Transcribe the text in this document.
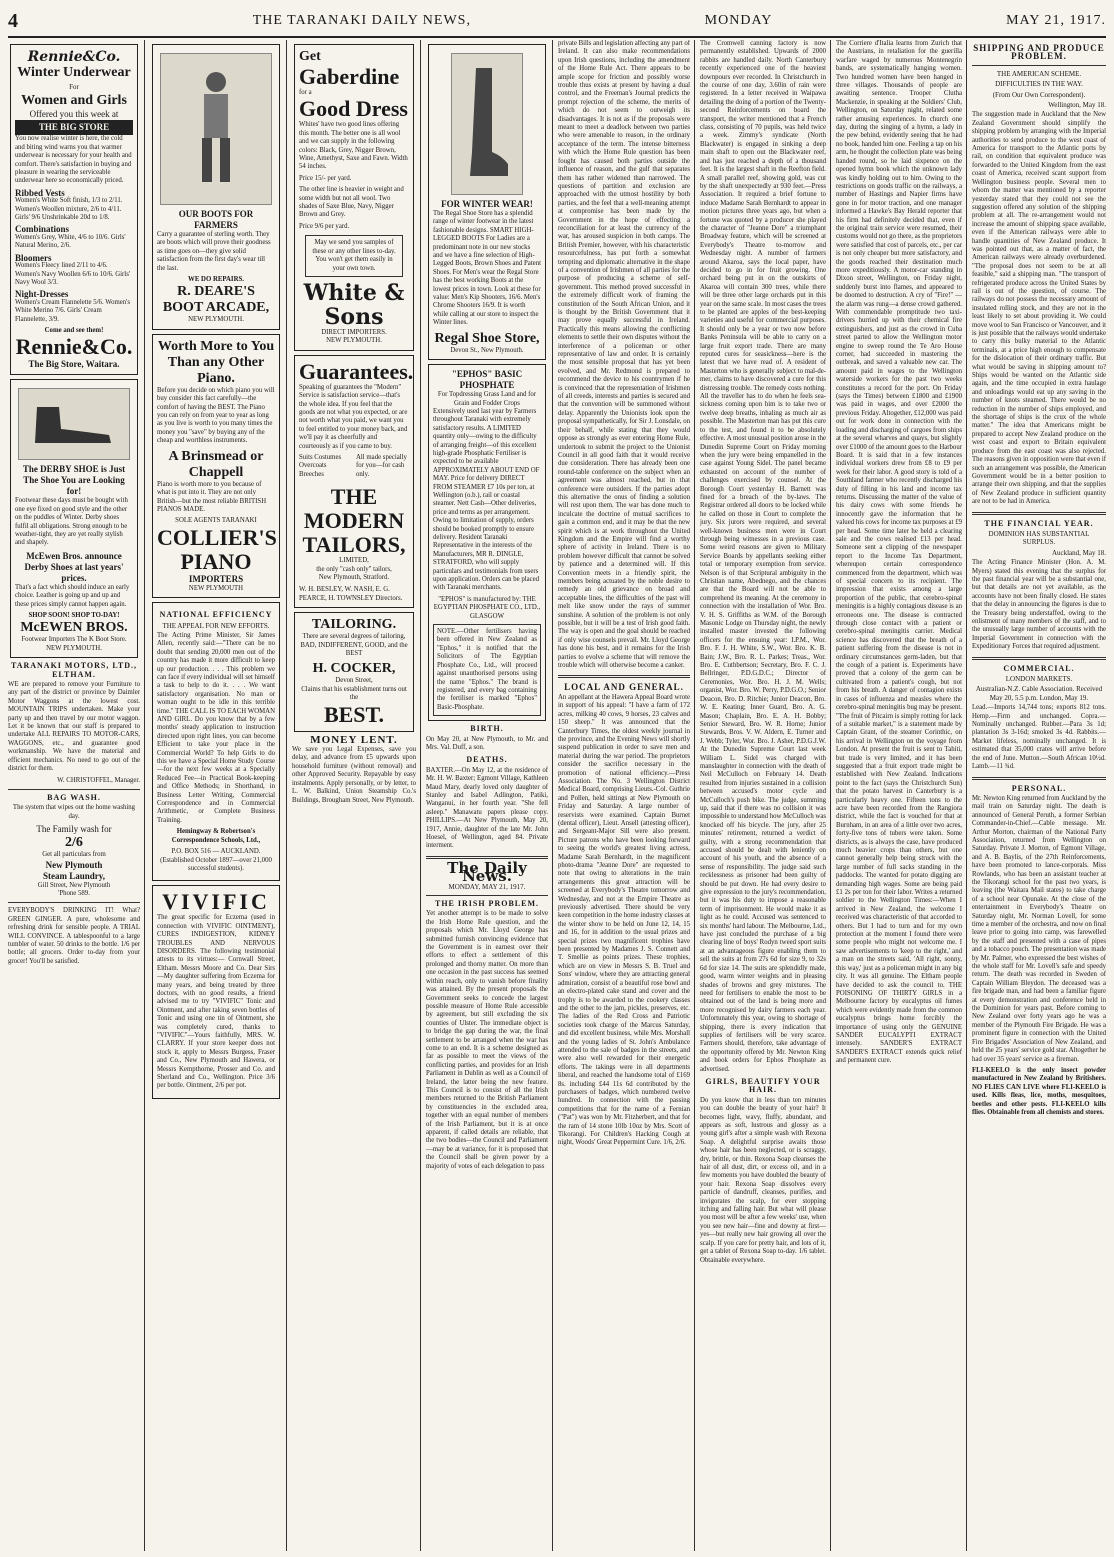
4	THE TARANAKI DAILY NEWS,	MONDAY	MAY 21, 1917.
Rennie&Co.
Winter Underwear
For
Women and Girls
Offered you this week at
THE BIG STORE

You now realise winter is here, the cold and biting wind warns you that warmer underwear is necessary for your health and comfort. There's satisfaction in buying and pleasure in wearing the serviceable underwear here so economically priced.

Ribbed Vests

Women's White Soft finish, 1/3 to 2/11. Women's Woollen mixture, 2/6 to 4/11. Girls' 9/6 Unshrinkable 20d to 1/8.

Combinations

Women's Grey, White, 4/6 to 10/6. Girls' Natural Merino, 2/6.

Bloomers

Women's Fleecy lined 2/11 to 4/6. Women's Navy Woollen 6/6 to 10/6. Girls' Navy Wool 3/3.

Night-Dresses

Women's Cream Flannelette 5/6. Women's White Merino 7/6. Girls' Cream Flannelette, 3/9.

Come and see them!
Rennie&Co.
The Big Store, Waitara.
The DERBY SHOE is Just The Shoe You are Looking for!

Footwear these days must be bought with one eye fixed on good style and the other on the puddles of Winter. Derby shoes fulfil all obligations. Strong enough to be weather-tight, they are yet really stylish and shapely.

McEwen Bros. announce Derby Shoes at last years' prices.

That's a fact which should induce an early choice. Leather is going up and up and these prices simply cannot happen again.

SHOP SOON! SHOP TO-DAY!
McEWEN BROS.
Footwear Importers The K Boot Store. NEW PLYMOUTH.
TARANAKI MOTORS, LTD., ELTHAM.

WE are prepared to remove your Furniture to any part of the district or province by Daimler Motor Waggons at the lowest cost. MOUNTAIN TRIPS undertaken. Make your party up and then travel by our motor waggon. Let it be known that our staff is prepared to undertake ALL REPAIRS TO MOTOR-CARS, WAGGONS, etc., and guarantee good workmanship. We have the material and efficient mechanics. No need to go out of the district for them.

W. CHRISTOFFEL, Manager.

BAG WASH.

The system that wipes out the home washing day.

The Family wash for
2/6
Get all particulars from
New Plymouth
Steam Laundry,
Gill Street, New Plymouth
'Phone 589.

EVERYBODY'S DRINKING IT! What? GREEN GINGER. A pure, wholesome and refreshing drink for sensible people. A TRIAL WILL CONVINCE. A tablespoonful to a large tumbler of water. 50 drinks to the bottle. 1/6 per bottle; all grocers. Order to-day from your grocer! You'll be satisfied.

OUR BOOTS FOR FARMERS

Carry a guarantee of sterling worth. They are boots which will prove their goodness as time goes on—they give solid satisfaction from the first day's wear till the last.

WE DO REPAIRS.
R. DEARE'S BOOT ARCADE,
NEW PLYMOUTH.
Worth More to You Than any Other Piano.

Before you decide on which piano you will buy consider this fact carefully—the comfort of having the BEST. The Piano you can rely on from year to year as long as you live is worth to you many times the money you "save" by buying any of the cheap and worthless instruments.

A Brinsmead or Chappell

Piano is worth more to you because of what is put into it. They are not only British—but the most reliable BRITISH PIANOS MADE.

SOLE AGENTS TARANAKI
COLLIER'S PIANO
IMPORTERS
NEW PLYMOUTH
NATIONAL EFFICIENCY
THE APPEAL FOR NEW EFFORTS.

The Acting Prime Minister, Sir James Allen, recently said:—"There can be no doubt that sending 20,000 men out of the country has made it more difficult to keep up our production. . . . This problem we can face if every individual will set himself a task to help to do it. . . . We want satisfactory organisation. No man or woman ought to be idle in this terrible time." THE CALL IS TO EACH WOMAN AND GIRL. Do you know that by a few months' steady application to instruction directed upon right lines, you can become Efficient to take your place in the Commercial World? To help Girls to do this we have a Special Home Study Course—for the next few weeks at a Specially Reduced Fee—in Practical Book-keeping and Office Methods; in Shorthand, in Business Letter Writing, Commercial Correspondence and in Commercial Arithmetic, or Complete Business Training.

Hemingway & Robertson's Correspondence Schools, Ltd.,

P.O. BOX 516 — AUCKLAND. (Established October 1897—over 21,000 successful students).

VIVIFIC

The great specific for Eczema (used in connection with VIVIFIC OINTMENT), CURES INDIGESTION, KIDNEY TROUBLES AND NERVOUS DISORDERS. The following testimonial attests to its virtues:— Cornwall Street, Eltham. Messrs Moore and Co. Dear Sirs—My daughter suffering from Eczema for many years, and being treated by three doctors, with no good results, a friend advised me to try "VIVIFIC" Tonic and Ointment, and after taking seven bottles of Tonic and using one tin of Ointment, she was completely cured, thanks to "VIVIFIC"—Yours faithfully, MRS. W. CLARRY. If your store keeper does not stock it, apply to Messrs Burgess, Fraser and Co., New Plymouth and Hawera, or Messrs Kempthorne, Prosser and Co. and Sherland and Co., Wellington. Price 3/6 per bottle. Ointment, 2/6 per pot.

Get
Gaberdine
for a
Good Dress

Whites' have two good lines offering this month. The better one is all wool and we can supply in the following colors: Black, Grey, Nigger Brown, Wine, Amethyst, Saxe and Fawn. Width 54 inches.

Price 15/- per yard.

The other line is heavier in weight and some width but not all wool. Two shades of Saxe Blue, Navy, Nigger Brown and Grey.

Price 9/6 per yard.

May we send you samples of these or any other lines to-day. You won't get them easily in your own town.
White & Sons
DIRECT IMPORTERS.
NEW PLYMOUTH.
Guarantees.

Speaking of guarantees the "Modern" Service is satisfaction service—that's the whole idea. If you feel that the goods are not what you expected, or are not worth what you paid, we want you to feel entitled to your money back, and we'll pay it as cheerfully and courteously as if you came to buy.

Suits Costumes Overcoats Breeches
All made specially for you—for cash only.
THE MODERN TAILORS,
LIMITED,
the only "cash only" tailors,
New Plymouth, Stratford.
W. H. BESLEY, W. NASH, E. G. PEARCE, H. TOWNSLEY Directors.
TAILORING.

There are several degrees of tailoring, BAD, INDIFFERENT, GOOD, and the BEST

H. COCKER,
Devon Street,
Claims that his establishment turns out the
BEST.
MONEY LENT.

We save you Legal Expenses, save you delay, and advance from £5 upwards upon household furniture (without removal) and other Approved Security. Repayable by easy instalments. Apply personally, or by letter, to L. W. Balkind, Union Steamship Co.'s Buildings, Brougham Street, New Plymouth.

FOR WINTER WEAR!

The Regal Shoe Store has a splendid range of winter footwear in the latest fashionable designs. SMART HIGH-LEGGED BOOTS For Ladies are a predominant note in our new stocks and we have a fine selection of High-Legged Boots, Brown Shoes and Patent Shoes. For Men's wear the Regal Store has the best working Boots at the lowest prices in town. Look at these for value: Men's Kip Shooters, 16/6. Men's Chrome Shooters 16/9. It is worth while calling at our store to inspect the Winter lines.

Regal Shoe Store,
Devon St., New Plymouth.
"EPHOS" BASIC PHOSPHATE
For Topdressing Grass Land and for Grain and Fodder Crops

Extensively used last year by Farmers throughout Taranaki with extremely satisfactory results. A LIMITED quantity only—owing to the difficulty of arranging freight—of this excellent high-grade Phosphatic Fertiliser is expected to be available APPROXIMATELY ABOUT END OF MAY. Price for delivery DIRECT FROM STEAMER £7 10s per ton, at Wellington (o.b.), rail or coastal steamer. Nett Cash—Other deliveries, price and terms as per arrangement. Owing to limitation of supply, orders should be booked promptly to ensure delivery. Resident Taranaki Representative in the interests of the Manufacturers, MR R. DINGLE, STRATFORD, who will supply particulars and testimonials from users upon application. Orders can be placed with Taranaki merchants.

"EPHOS" is manufactured by: THE EGYPTIAN PHOSPHATE CO., LTD., GLASGOW

NOTE.—Other fertilisers having been offered in New Zealand as "Ephos," it is notified that the Solicitors of The Egyptian Phosphate Co., Ltd., will proceed against unauthorised persons using the name "Ephos." The brand is registered, and every bag containing the fertiliser is marked "Ephos" Basic-Phosphate.
BIRTH.

On May 20, at New Plymouth, to Mr. and Mrs. Val. Duff, a son.

DEATHS.

BAXTER.—On May 12, at the residence of Mr. H. W. Baxter; Egmont Village, Kathleen Maud Mary, dearly loved only daughter of Stanley and Isabel Adlington, Patiki, Wanganui, in her fourth year. "She fell asleep." Manawatu papers please copy. PHILLIPS.—At New Plymouth, May 20, 1917, Annie, daughter of the late Mr. John Hoesel, of Wellington, aged 84. Private interment.

The Daily News.
MONDAY, MAY 21, 1917.
THE IRISH PROBLEM.

Yet another attempt is to be made to solve the Irish Home Rule question, and the proposals which Mr. Lloyd George has submitted furnish convincing evidence that the Government is in earnest over their efforts to effect a settlement of this prolonged and thorny matter. On more than one occasion in the past success has seemed within reach, only to vanish before finality was attained. By the present proposals the Government seeks to concede the largest possible measure of Home Rule accessible by agreement, but still excluding the six counties of Ulster. The immediate object is to bridge the gap during the war, the final settlement to be arranged when the war has come to an end. It is a scheme designed as far as possible to meet the views of the conflicting parties, and provides for an Irish Parliament in Dublin as well as a Council of Ireland, the latter being the new feature. This Council is to consist of all the Irish members returned to the British Parliament by constituencies in the excluded area, together with an equal number of members of the Irish Parliament, but it is at once apparent, if called details are reliable, that the two bodies—the Council and Parliament—may be at variance, for it is proposed that the Council shall be given power by a majority of votes of each delegation to pass

private Bills and legislation affecting any part of Ireland. It can also make recommendations upon Irish questions, including the amendment of the Home Rule Act. There appears to be ample scope for friction and possibly worse trouble thus exists at present by having a dual control, and the Freeman's Journal predicts the prompt rejection of the scheme, the merits of which do not seem to outweigh its disadvantages. It is not as if the proposals were meant to meet a deadlock between two parties who were amenable to reason, in the ordinary acceptance of the term. The intense bitterness with which the Home Rule question has been fought has caused both parties outside the influence of reason, and the gulf that separates them has rather widened than narrowed. The questions of partition and exclusion are approached with the utmost hostility by both parties, and the feel that a well-meaning attempt at compromise has been made by the Government in the hope of effecting a reconciliation for at least the currency of the war, has aroused suspicion in both camps. The British Premier, however, with his characteristic resourcefulness, has put forth a somewhat tempting and diplomatic alternative in the shape of a convention of Irishmen of all parties for the purpose of producing a scheme of self-government. This method proved successful in the extremely difficult work of framing the constitution of the South African Union, and it is thought by the British Government that it may prove equally successful in Ireland. Practically this means allowing the conflicting elements to settle their own disputes without the interference of a policeman or other representative of law and order. It is certainly the most sensible proposal that has yet been evolved, and Mr. Redmond is prepared to recommend the device to his countrymen if he is convinced that the representation of Irishmen of all creeds, interests and parties is secured and that the convention will be summoned without delay. Apparently the Unionists look upon the proposal sympathetically, for Sir J. Lonsdale, on their behalf, while stating that they would oppose as strongly as ever entering Home Rule, undertook to submit the project to the Unionist Council in all good faith that it would receive due consideration. There has already been one round-table conference on the subject when an agreement was almost reached, but in that conference were outsiders. If the parties adopt this alternative the onus of finding a solution will rest upon them. The war has done much to inculcate the doctrine of mutual sacrifices to gain a common end, and it may be that the new spirit which is at work throughout the United Kingdom and the Empire will find a worthy sphere of activity in Ireland. There is no problem however difficult that cannot be solved by patience and a determined will. If this Convention meets in a friendly spirit, the members being actuated by the noble desire to remedy an old grievance on broad and acceptable lines, the difficulties of the past will melt like snow under the rays of summer sunshine. A solution of the problem is not only possible, but it will be a test of Irish good faith. The way is open and the goal should be reached if only wise counsels prevail. Mr. Lloyd George has done his best, and it remains for the Irish parties to evolve a scheme that will remove the trouble which will otherwise become a canker.

LOCAL AND GENERAL.

An appellant at the Hawera Appeal Board wrote in support of his appeal: "I have a farm of 172 acres, milking 40 cows, 9 horses, 23 calves and 150 sheep." It was announced that the Canterbury Times, the oldest weekly journal in the province, and the Evening News will shortly suspend publication in order to save men and material during the war period. The proprietors consider the sacrifice necessary in the promotion of national efficiency.—Press Association. The No. 3 Wellington District Medical Board, comprising Lieuts.-Col. Guthrie and Pollen, held sittings at New Plymouth on Friday and Saturday. A large number of reservists were examined. Captain Burnet (dental officer), Lieut. Ansell (attesting officer), and Sergeant-Major Sill were also present. Picture patrons who have been looking forward to seeing the world's greatest living actress, Madame Sarah Bernhardt, in the magnificent photo-drama "Jeanne Dore" are requested to note that owing to alterations in the train arrangements this great attraction will be screened at Everybody's Theatre tomorrow and Wednesday, and not at the Empire Theatre as previously advertised. There should be very keen competition in the home industry classes at the winter show to be held on June 12, 14, 15 and 16, for in addition to the usual prizes and special prizes two magnificent trophies have been presented by Madames J. S. Connett and T. Smellie as points prizes. These trophies, which are on view in Messrs S. B. Truel and Sons' window, where they are attracting general admiration, consist of a beautiful rose bowl and an electro-plated cake stand and cover and the trophy is to be awarded to the cookery classes and the other to the jam, pickles, preserves, etc. The ladies of the Red Cross and Patriotic societies took charge of the Marcus Saturday, and did excellent business, while Mrs. Morshall and the young ladies of St. John's Ambulance attended to the sale of badges in the streets, and were also well rewarded for their energetic efforts. The takings were in all departments liberal, and reached the handsome total of £169 8s. including £44 11s 6d contributed by the purchasers of badges, which numbered twelve hundred. In connection with the passing competitions that for the name of a Fernian ("Pat") was won by Mr. Fitzherbert, and that for the ram of 14 stone 10lb 10oz by Mrs. Scott of Tikorangi. For Children's Hacking Cough at night, Woods' Great Peppermint Cure. 1/6, 2/6.

The Cromwell canning factory is now permanently established. Upwards of 2000 rabbits are handled daily. North Canterbury recently experienced one of the heaviest downpours ever recorded. In Christchurch in the course of one day, 3.60in of rain were registered. In a letter received in Waipawa detailing the doing of a portion of the Twenty-second Reinforcements on board the transport, the writer mentioned that a French class, consisting of 70 pupils, was held twice a week. Zimmy's syndicate (North Blackwater) is engaged in sinking a deep main shaft to open out the Blackwater reef, and has just reached a depth of a thousand feet. It is the largest shaft in the Reefton field. A small parallel reef, showing gold, was cut by the shaft unexpectedly at 930 feet.—Press Association. It required a brief fortune to induce Madame Sarah Bernhardt to appear in motion pictures three years ago, but when a fortune was quoted by a producer she played the character of "Jeanne Dore" a triumphant Broadway feature, which will be screened at Everybody's Theatre to-morrow and Wednesday night. A number of farmers around Akaroa, says the local paper, have decided to go in for fruit growing. One orchard being put in on the outskirts of Akaroa will contain 300 trees, while there will be three other large orchards put in this year on the same scale. In most cases the trees to be planted are apples of the best-keeping varieties and useful for commercial purposes. It should only be a year or two now before Banks Peninsula will be able to carry on a large fruit export trade. There are many reputed cures for seasickness—here is the latest that we have read of. A resident of Masterton who is generally subject to mal-de-mer, claims to have discovered a cure for this distressing trouble. The remedy costs nothing. All the traveller has to do when he feels sea-sickness coming upon him is to take two or twelve deep breaths, inhaling as much air as possible. The Masterton man has put this cure to the test, and found it to be absolutely effective. A most unusual position arose in the Dunedin Supreme Court on Friday morning when the jury were being empanelled in the case against Young Sidel. The panel became exhausted on account of the number of challenges exercised by counsel. At the Borough Court yesterday H. Barnett was fined for a breach of the by-laws. The Registrar ordered all doors to be locked while he called on those in Court to complete the jury. Six jurors were required, and several well-known business men were in Court through being witnesses in a previous case. Some weird reasons are given to Military Service Boards by appellants seeking either total or temporary exemption from service. Nelson is of that Scriptural ambiguity in the Christian name, Abednego, and the chances are that the Board will not be able to comprehend its meaning. At the ceremony in connection with the installation of Wor. Bro. V. H. S. Griffiths as W.M. of the Borough Masonic Lodge on Thursday night, the newly installed master invested the following officers for the ensuing year: I.P.M., Wor. Bro. F. J. H. White, S.W., Wor. Bro. K. B. Bain; J.W., Bro. R. L. Parkes; Treas., Wor. Bro. E. Cuthbertson; Secretary, Bro. F. C. J. Bellringer, P.D.G.D.C.; Director of Ceremonies, Wor. Bro. H. J. M. Wells; organist, Wor. Bro. W. Perry, P.D.G.O.; Senior Deacon, Bro. D. Ritchie; Junior Deacon, Bro. W. E. Keating; Inner Guard, Bro. A. G. Mason; Chaplain, Bro. E. A. H. Bobby; Senior Steward, Bro. W. R. Horne; Junior Stewards, Bros. V. W. Aldern, E. Turner and J. Webb; Tyler, Wor. Bro. J. Asher, P.D.G.J.W. At the Dunedin Supreme Court last week William L. Sidel was charged with manslaughter in connection with the death of Neil McCulloch on February 14. Death resulted from injuries sustained in a collision between accused's motor cycle and McCulloch's push bike. The judge, summing up, said that if there was no collision it was impossible to understand how McCulloch was knocked off his bicycle. The jury, after 25 minutes' retirement, returned a verdict of guilty, with a strong recommendation that accused should be dealt with leniently on account of his youth, and the absence of a sense of responsibility. The judge said such recklessness as prisoner had been guilty of should be put down. He had every desire to give expression to the jury's recommendation, but it was his duty to impose a reasonable term of imprisonment. He would make it as light as he could. Accused was sentenced to six months' hard labour. The Melbourne, Ltd., have just concluded the purchase of a big clearing line of boys' Rodyn tweed sport suits at an advantageous figure enabling them to sell the suits at from 27s 6d for size 9, to 32s 6d for size 14. The suits are splendidly made, good, warm winter weights and in pleasing shades of browns and grey mixtures. The need for fertilisers to enable the most to be obtained out of the land is being more and more recognised by dairy farmers each year. Unfortunately this year, owing to shortage of shipping, there is every indication that supplies of fertilisers will be very scarce. Farmers should, therefore, take advantage of the opportunity offered by Mr. Newton King and book orders for Ephos Phosphate as advertised.

GIRLS, BEAUTIFY YOUR HAIR.

Do you know that in less than ten minutes you can double the beauty of your hair? It becomes light, wavy, fluffy, abundant, and appears as soft, lustrous and glossy as a young girl's after a simple wash with Rexona Soap. A delightful surprise awaits those whose hair has been neglected, or is scraggy, dry, brittle, or thin. Rexona Soap cleanses the hair of all dust, dirt, or excess oil, and in a few moments you have doubled the beauty of your hair. Rexona Soap dissolves every particle of dandruff, cleanses, purifies, and invigorates the scalp, for ever stopping itching and falling hair. But what will please you most will be after a few weeks' use, when you see new hair—fine and downy at first—yes—but really new hair growing all over the scalp. If you care for pretty hair, and lots of it, get a tablet of Rexona Soap to-day. 1/6 tablet. Obtainable everywhere.

The Corriere d'Italia learns from Zurich that the Austrians, in retaliation for the guerilla warfare waged by numerous Montenegrin bands, are systematically hanging women. Two hundred women have been hanged in three villages. Thousands of people are awaiting sentence. Trooper Clutha Mackenzie, in speaking at the Soldiers' Club, Wellington, on Saturday night, related some rather amusing experiences. In church one day, during the singing of a hymn, a lady in the pew behind, evidently seeing that he had no book, handed him one. Feeling a tap on his arm, he thought the collection plate was being handed round, so he laid sixpence on the opened hymn book which the unknown lady was kindly holding out to him. Owing to the restrictions on goods traffic on the railways, a number of Hastings and Napier firms have gone in for motor traction, and one manager informed a Hawke's Bay Herald reporter that his firm had definitely decided that, even if the original train service were resumed, their customs would not go there, as the proprietors were satisfied that cost of parcels, etc., per car is not only cheaper but more satisfactory, and the goods reached their destination much more expeditiously. A motor-car standing in Dixon street, Wellington, on Friday night, suddenly burst into flames, and appeared to be doomed to destruction. A cry of "Fire!" —the alarm was rung—a dense crowd gathered. With commendable promptitude two taxi-drivers hurried up with their chemical fire extinguishers, and just as the crowd in Cuba street parted to allow the Wellington motor engine to sweep round the Te Aro House corner, had succeeded in mastering the outbreak, and saved a valuable new car. The amount paid in wages to the Wellington waterside workers for the past two weeks constitutes a record for the port. On Friday (says the Times) between £1800 and £1900 was paid in wages, and over £2000 the previous Friday. Altogether, £12,000 was paid out for work done in connection with the loading and discharging of cargoes from ships at the several wharves and quays, but slightly over £1000 of the amount goes to the Harbour Board. It is said that in a few instances individual workers drew from £8 to £9 per week for their labor. A good story is told of a Southland farmer who recently discharged his duty of filling in his land and income tax returns. Discussing the matter of the value of his dairy cows with some friends he innocently gave the information that he valued his cows for income tax purposes at £9 per head. Some time later he held a clearing sale and the cows realised £13 per head. Someone sent a clipping of the newspaper report to the Income Tax Department, whereupon certain correspondence commenced from the department, which was of special concern to its recipient. The impression that exists among a large proportion of the public, that cerebro-spinal meningitis is a highly contagious disease is an erroneous one. The disease is contracted through close contact with a patient or cerebro-spinal meningitis carrier. Medical science has discovered that the breath of a patient suffering from the disease is not in ordinary circumstances germ-laden, but that the cough of a patient is. Experiments have proved that a colony of the germ can be cultivated from a patient's cough, but not from his breath. A danger of contagion exists in cases of influenza and measles where the cerebro-spinal meningitis bug may be present. "The fruit of Pitcairn is simply rotting for lack of a suitable market," is a statement made by Captain Grant, of the steamer Corinthic, on his arrival in Wellington on the voyage from London. At present the fruit is sent to Tahiti, but trade is very limited, and it has been suggested that a fruit export trade might be established with New Zealand. Indications point to the fact (says the Christchurch Sun) that the potato harvest in Canterbury is a particularly heavy one. Fifteen tons to the acre have been recorded from the Rangiora district, while the fact is vouched for that at Burnham, in an area of a little over two acres, forty-five tons of tubers were taken. Some districts, as is always the case, have produced much heavier crops than others, but one cannot generally help being struck with the large number of full sacks standing in the paddocks. The wanted for potato digging are demanding high wages. Some are being paid £1 2s per ton for their labor. Writes a returned soldier to the Wellington Times:—When I arrived in New Zealand, the welcome I received was characteristic of that accorded to others. But I had to turn and for my own protection at the moment I found there were some people who might not welcome me. I saw advertisements to 'keep to the right,' and a man on the streets said, 'All right, sonny, this way,' just as a policeman might in any big city. It was all genuine. The Eltham people have decided to ask the council to. THE POISONING OF THIRTY GIRLS in a Melbourne factory by eucalyptus oil fumes which were evidently made from the common eucalyptus brings home forcibly the importance of using only the GENUINE SANDER EUCALYPTI EXTRACT intensely. SANDER'S EXTRACT SANDER'S EXTRACT extends quick relief and permanent cure.

SHIPPING AND PRODUCE PROBLEM.
THE AMERICAN SCHEME.
DIFFICULTIES IN THE WAY.
(From Our Own Correspondent).
Wellington, May 18.

The suggestion made in Auckland that the New Zealand Government should simplify the shipping problem by arranging with the Imperial authorities to send produce to the west coast of America for transport to the Atlantic ports by rail, on condition that equivalent produce was forwarded to the United Kingdom from the east coast of America, received scant support from Wellington business people. Several men to whom the matter was mentioned by a reporter yesterday stated that they could not see the suggestion offered any solution of the shipping problem at all. The re-arrangement would not increase the amount of shipping space available, even if the American railways were able to handle quantities of New Zealand produce. It was pointed out that, as a matter of fact, the American railways were already overburdened. "The proposal does not seem to be at all feasible," said a shipping man. "The transport of refrigerated produce across the United States by rail is out of the question, of course. The railways do not possess the necessary amount of insulated rolling stock, and they are not in the least likely to set about providing it. We could move wool to San Francisco or Vancouver, and it is just possible that the railways would undertake to carry this bulky material to the Atlantic terminals, at a price high enough to compensate for the dislocation of their ordinary traffic. But what would be saving in shipping amount to? Ships would be wanted on the Atlantic side again, and the time occupied in extra haulage and unloadings would eat up any saving in the number of knots steamed. There would be no reduction in the number of ships employed, and the shortage of ships is the crux of the whole matter." The idea that Americans might be prepared to accept New Zealand produce on the west coast and export to Britain equivalent produce from the east coast was also rejected. The reasons given in opposition were that even if such an arrangement was possible, the American Government would be in a better position to arrange their own shipping, and that the supplies of New Zealand produce in sufficient quantity are not to be had in America.

THE FINANCIAL YEAR.
DOMINION HAS SUBSTANTIAL SURPLUS.
Auckland, May 18.

The Acting Finance Minister (Hon. A. M. Myers) stated this evening that the surplus for the past financial year will be a substantial one, but that details are not yet available, as the accounts have not been finally closed. He states that the delay in announcing the figures is due to the Treasury being understaffed, owing to the enlistment of many members of the staff, and to the unusually large number of accounts with the Imperial Government in connection with the Expeditionary Forces that required adjustment.

COMMERCIAL.
LONDON MARKETS.
Australian-N.Z. Cable Association. Received May 20, 5.5 p.m. London, May 19.

Lead.—Imports 14,744 tons; exports 812 tons. Hemp.—Firm and unchanged. Copra.—Nominally unchanged. Rubber.—Para 3s 1d; plantation 3s 3-16d; smoked 3s 4d. Rabbits.—Market lifeless, nominally unchanged. It is estimated that 35,000 crates will arrive before the end of June. Mutton.—South African 10½d. Lamb.—11 ¾d.

PERSONAL.

Mr. Newton King returned from Auckland by the mail train on Saturday night. The death is announced of General Peruth, a former Serbian Commander-in-Chief.—Cable message. Mr. Arthur Morton, chairman of the National Party Association, returned from Wellington on Saturday. Private J. Morton, of Egmont Village, and A. B. Baylis, of the 27th Reinforcements, have been promoted to lance-corporals. Miss Rowlands, who has been an assistant teacher at the Tikorangi school for the past two years, is leaving (the Waitara Mail states) to take charge of a school near Opunake. At the close of the entertainment in Everybody's Theatre on Saturday night, Mr. Norman Lovell, for some time a member of the orchestra, and now on final leave prior to going into camp, was farewelled by the staff and presented with a case of pipes and a tobacco pouch. The presentation was made by Mr. Palmer, who expressed the best wishes of the whole staff for Mr. Lovell's safe and speedy return. The death was recorded in Sweden of Captain William Bleydon. The deceased was a fire brigade man, and had been a familiar figure at every demonstration and conference held in the Dominion for years past. Before coming to New Zealand over forty years ago he was a member of the Plymouth Fire Brigade. He was a prominent figure in connection with the United Fire Brigades' Association of New Zealand, and held the 25 years' service gold star. Altogether he had over 35 years' service as a fireman.

FLI-KEELO is the only insect powder manufactured in New Zealand by Britishers. NO FLIES CAN LIVE where FLI-KEELO is used. Kills fleas, lice, moths, mosquitoes, beetles and other pests. FLI-KEELO kills flies. Obtainable from all chemists and stores.
